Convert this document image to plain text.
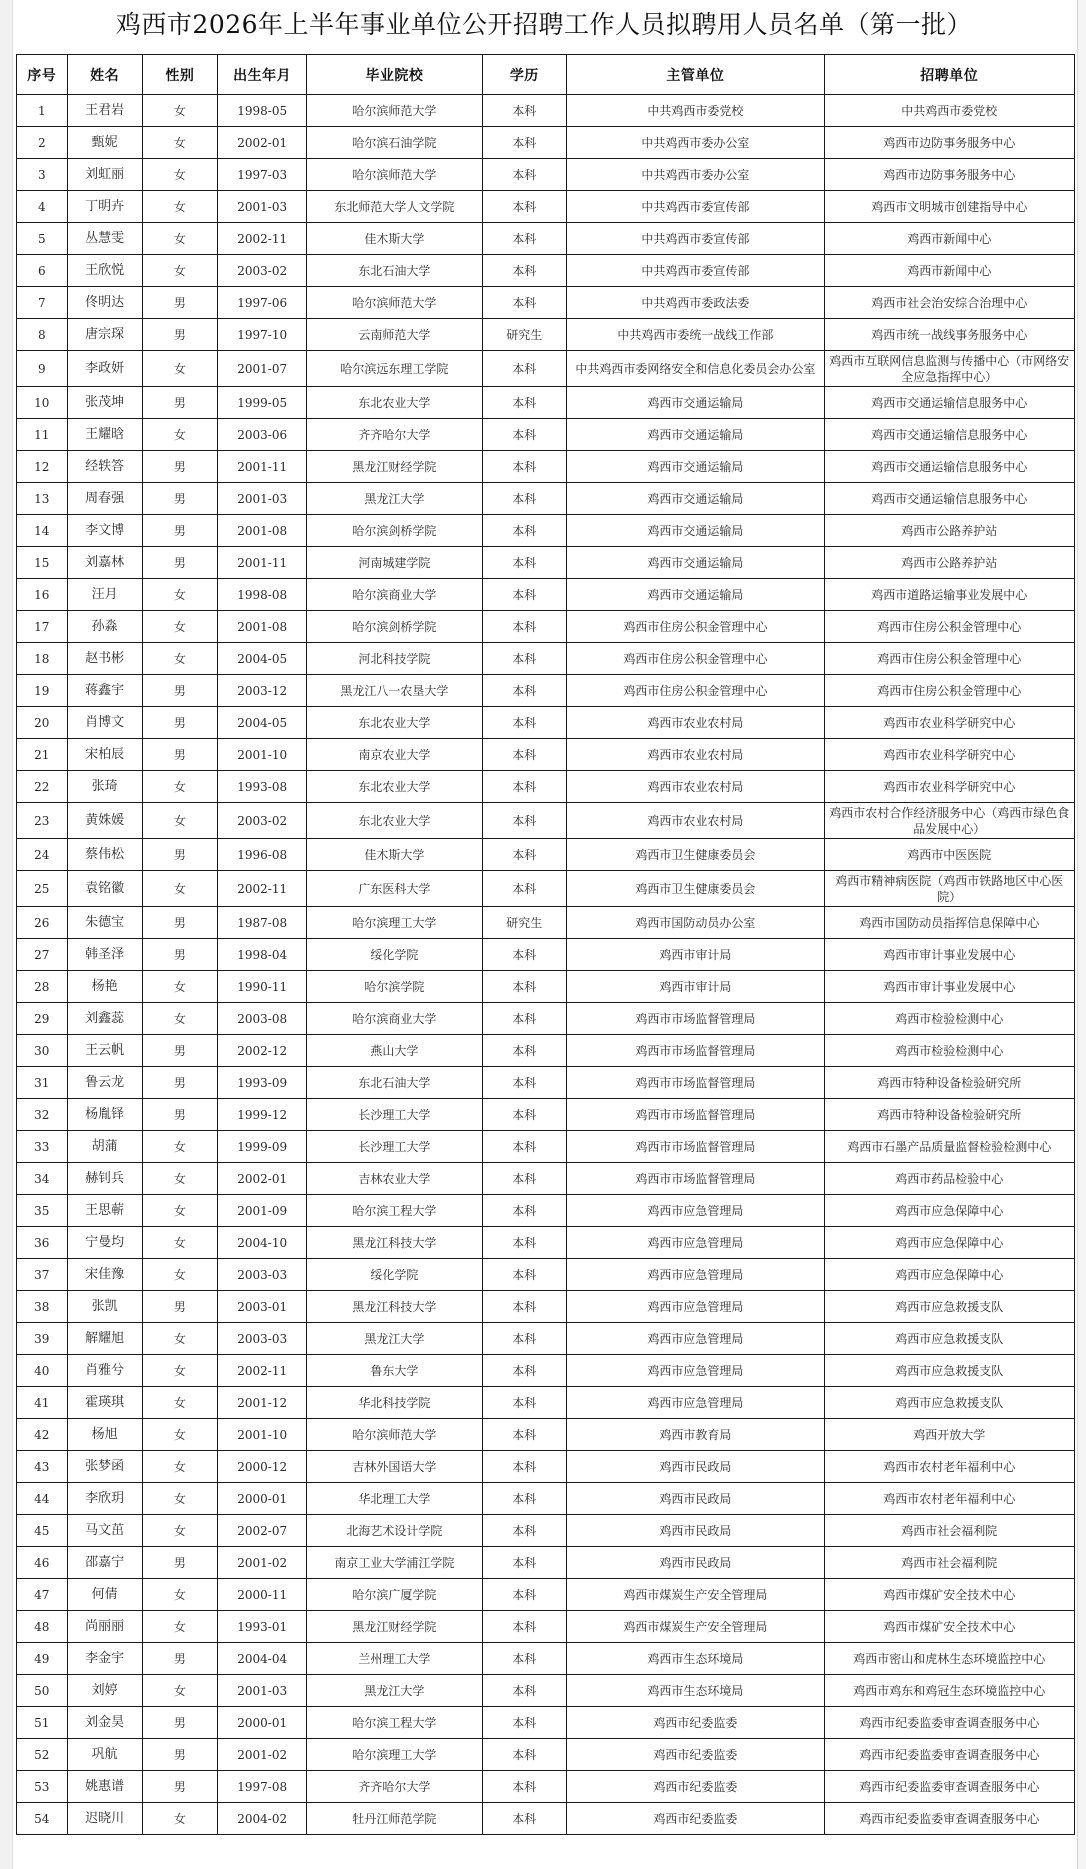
鸡西市2026年上半年事业单位公开招聘工作人员拟聘用人员名单（第一批）
序号	姓名	性别	出生年月	毕业院校	学历	主管单位	招聘单位
1	王君岩	女	1998-05	哈尔滨师范大学	本科	中共鸡西市委党校	中共鸡西市委党校
2	甄妮	女	2002-01	哈尔滨石油学院	本科	中共鸡西市委办公室	鸡西市边防事务服务中心
3	刘虹丽	女	1997-03	哈尔滨师范大学	本科	中共鸡西市委办公室	鸡西市边防事务服务中心
4	丁明卉	女	2001-03	东北师范大学人文学院	本科	中共鸡西市委宣传部	鸡西市文明城市创建指导中心
5	丛慧雯	女	2002-11	佳木斯大学	本科	中共鸡西市委宣传部	鸡西市新闻中心
6	王欣悦	女	2003-02	东北石油大学	本科	中共鸡西市委宣传部	鸡西市新闻中心
7	佟明达	男	1997-06	哈尔滨师范大学	本科	中共鸡西市委政法委	鸡西市社会治安综合治理中心
8	唐宗琛	男	1997-10	云南师范大学	研究生	中共鸡西市委统一战线工作部	鸡西市统一战线事务服务中心
9	李政妍	女	2001-07	哈尔滨远东理工学院	本科	中共鸡西市委网络安全和信息化委员会办公室	鸡西市互联网信息监测与传播中心（市网络安全应急指挥中心）
10	张茂坤	男	1999-05	东北农业大学	本科	鸡西市交通运输局	鸡西市交通运输信息服务中心
11	王耀晗	女	2003-06	齐齐哈尔大学	本科	鸡西市交通运输局	鸡西市交通运输信息服务中心
12	经轶答	男	2001-11	黑龙江财经学院	本科	鸡西市交通运输局	鸡西市交通运输信息服务中心
13	周春强	男	2001-03	黑龙江大学	本科	鸡西市交通运输局	鸡西市交通运输信息服务中心
14	李文博	男	2001-08	哈尔滨剑桥学院	本科	鸡西市交通运输局	鸡西市公路养护站
15	刘嘉林	男	2001-11	河南城建学院	本科	鸡西市交通运输局	鸡西市公路养护站
16	汪月	女	1998-08	哈尔滨商业大学	本科	鸡西市交通运输局	鸡西市道路运输事业发展中心
17	孙淼	女	2001-08	哈尔滨剑桥学院	本科	鸡西市住房公积金管理中心	鸡西市住房公积金管理中心
18	赵书彬	女	2004-05	河北科技学院	本科	鸡西市住房公积金管理中心	鸡西市住房公积金管理中心
19	蒋鑫宇	男	2003-12	黑龙江八一农垦大学	本科	鸡西市住房公积金管理中心	鸡西市住房公积金管理中心
20	肖博文	男	2004-05	东北农业大学	本科	鸡西市农业农村局	鸡西市农业科学研究中心
21	宋柏辰	男	2001-10	南京农业大学	本科	鸡西市农业农村局	鸡西市农业科学研究中心
22	张琦	女	1993-08	东北农业大学	本科	鸡西市农业农村局	鸡西市农业科学研究中心
23	黄姝媛	女	2003-02	东北农业大学	本科	鸡西市农业农村局	鸡西市农村合作经济服务中心（鸡西市绿色食品发展中心）
24	蔡伟松	男	1996-08	佳木斯大学	本科	鸡西市卫生健康委员会	鸡西市中医医院
25	袁铭徽	女	2002-11	广东医科大学	本科	鸡西市卫生健康委员会	鸡西市精神病医院（鸡西市铁路地区中心医院）
26	朱德宝	男	1987-08	哈尔滨理工大学	研究生	鸡西市国防动员办公室	鸡西市国防动员指挥信息保障中心
27	韩圣泽	男	1998-04	绥化学院	本科	鸡西市审计局	鸡西市审计事业发展中心
28	杨艳	女	1990-11	哈尔滨学院	本科	鸡西市审计局	鸡西市审计事业发展中心
29	刘鑫蕊	女	2003-08	哈尔滨商业大学	本科	鸡西市市场监督管理局	鸡西市检验检测中心
30	王云帆	男	2002-12	燕山大学	本科	鸡西市市场监督管理局	鸡西市检验检测中心
31	鲁云龙	男	1993-09	东北石油大学	本科	鸡西市市场监督管理局	鸡西市特种设备检验研究所
32	杨胤铎	男	1999-12	长沙理工大学	本科	鸡西市市场监督管理局	鸡西市特种设备检验研究所
33	胡蒲	女	1999-09	长沙理工大学	本科	鸡西市市场监督管理局	鸡西市石墨产品质量监督检验检测中心
34	赫钊兵	女	2002-01	吉林农业大学	本科	鸡西市市场监督管理局	鸡西市药品检验中心
35	王思蕲	女	2001-09	哈尔滨工程大学	本科	鸡西市应急管理局	鸡西市应急保障中心
36	宁曼均	女	2004-10	黑龙江科技大学	本科	鸡西市应急管理局	鸡西市应急保障中心
37	宋佳豫	女	2003-03	绥化学院	本科	鸡西市应急管理局	鸡西市应急保障中心
38	张凯	男	2003-01	黑龙江科技大学	本科	鸡西市应急管理局	鸡西市应急救援支队
39	解耀旭	女	2003-03	黑龙江大学	本科	鸡西市应急管理局	鸡西市应急救援支队
40	肖雅兮	女	2002-11	鲁东大学	本科	鸡西市应急管理局	鸡西市应急救援支队
41	霍瑛琪	女	2001-12	华北科技学院	本科	鸡西市应急管理局	鸡西市应急救援支队
42	杨旭	女	2001-10	哈尔滨师范大学	本科	鸡西市教育局	鸡西开放大学
43	张梦函	女	2000-12	吉林外国语大学	本科	鸡西市民政局	鸡西市农村老年福利中心
44	李欣玥	女	2000-01	华北理工大学	本科	鸡西市民政局	鸡西市农村老年福利中心
45	马文茁	女	2002-07	北海艺术设计学院	本科	鸡西市民政局	鸡西市社会福利院
46	邵嘉宁	男	2001-02	南京工业大学浦江学院	本科	鸡西市民政局	鸡西市社会福利院
47	何倩	女	2000-11	哈尔滨广厦学院	本科	鸡西市煤炭生产安全管理局	鸡西市煤矿安全技术中心
48	尚丽丽	女	1993-01	黑龙江财经学院	本科	鸡西市煤炭生产安全管理局	鸡西市煤矿安全技术中心
49	李金宇	男	2004-04	兰州理工大学	本科	鸡西市生态环境局	鸡西市密山和虎林生态环境监控中心
50	刘婷	女	2001-03	黑龙江大学	本科	鸡西市生态环境局	鸡西市鸡东和鸡冠生态环境监控中心
51	刘金昊	男	2000-01	哈尔滨工程大学	本科	鸡西市纪委监委	鸡西市纪委监委审查调查服务中心
52	巩航	男	2001-02	哈尔滨理工大学	本科	鸡西市纪委监委	鸡西市纪委监委审查调查服务中心
53	姚惠谱	男	1997-08	齐齐哈尔大学	本科	鸡西市纪委监委	鸡西市纪委监委审查调查服务中心
54	迟晓川	女	2004-02	牡丹江师范学院	本科	鸡西市纪委监委	鸡西市纪委监委审查调查服务中心
